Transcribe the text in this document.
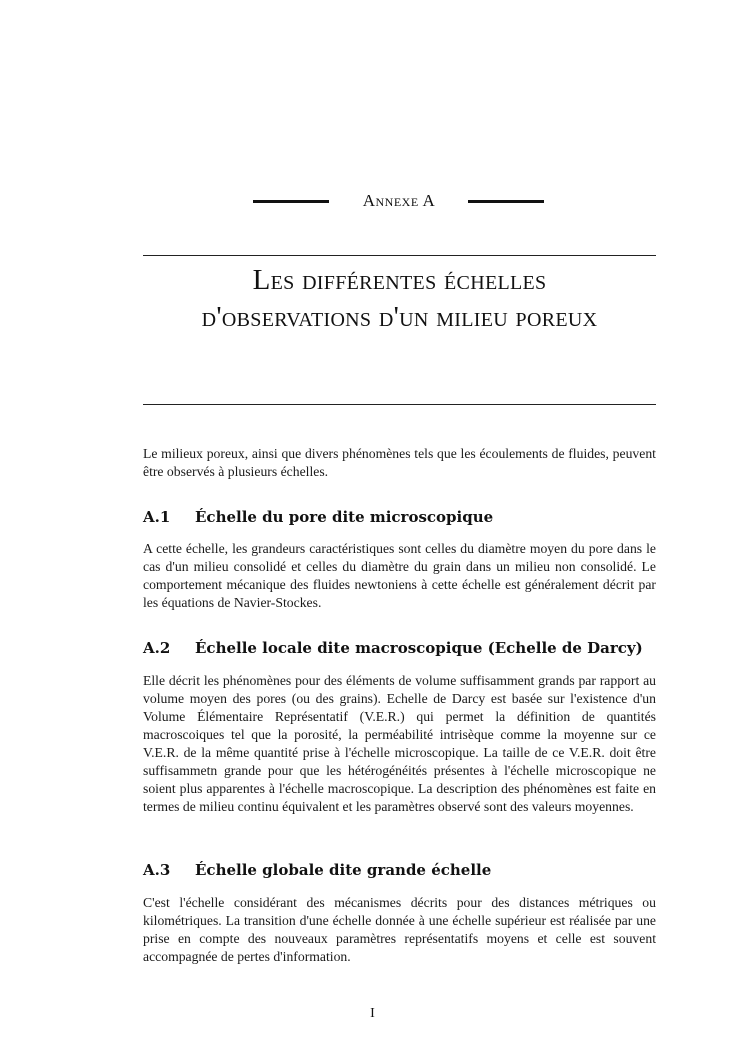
Annexe A
Les différentes échelles d'observations d'un milieu poreux

Le milieux poreux, ainsi que divers phénomènes tels que les écoulements de fluides, peuvent être observés à plusieurs échelles.

A.1 Échelle du pore dite microscopique

A cette échelle, les grandeurs caractéristiques sont celles du diamètre moyen du pore dans le cas d'un milieu consolidé et celles du diamètre du grain dans un milieu non consolidé. Le comportement mécanique des fluides newtoniens à cette échelle est généralement décrit par les équations de Navier-Stockes.

A.2 Échelle locale dite macroscopique (Echelle de Darcy)

Elle décrit les phénomènes pour des éléments de volume suffisamment grands par rapport au volume moyen des pores (ou des grains). Echelle de Darcy est basée sur l'existence d'un Volume Élémentaire Représentatif (V.E.R.) qui permet la définition de quantités macroscoiques tel que la porosité, la perméabilité intrisèque comme la moyenne sur ce V.E.R. de la même quantité prise à l'échelle microscopique. La taille de ce V.E.R. doit être suffisammetn grande pour que les hétérogénéités présentes à l'échelle microscopique ne soient plus apparentes à l'échelle macroscopique. La description des phénomènes est faite en termes de milieu continu équivalent et les paramètres observé sont des valeurs moyennes.

A.3 Échelle globale dite grande échelle

C'est l'échelle considérant des mécanismes décrits pour des distances métriques ou kilométriques. La transition d'une échelle donnée à une échelle supérieur est réalisée par une prise en compte des nouveaux paramètres représentatifs moyens et celle est souvent accompagnée de pertes d'information.

I
